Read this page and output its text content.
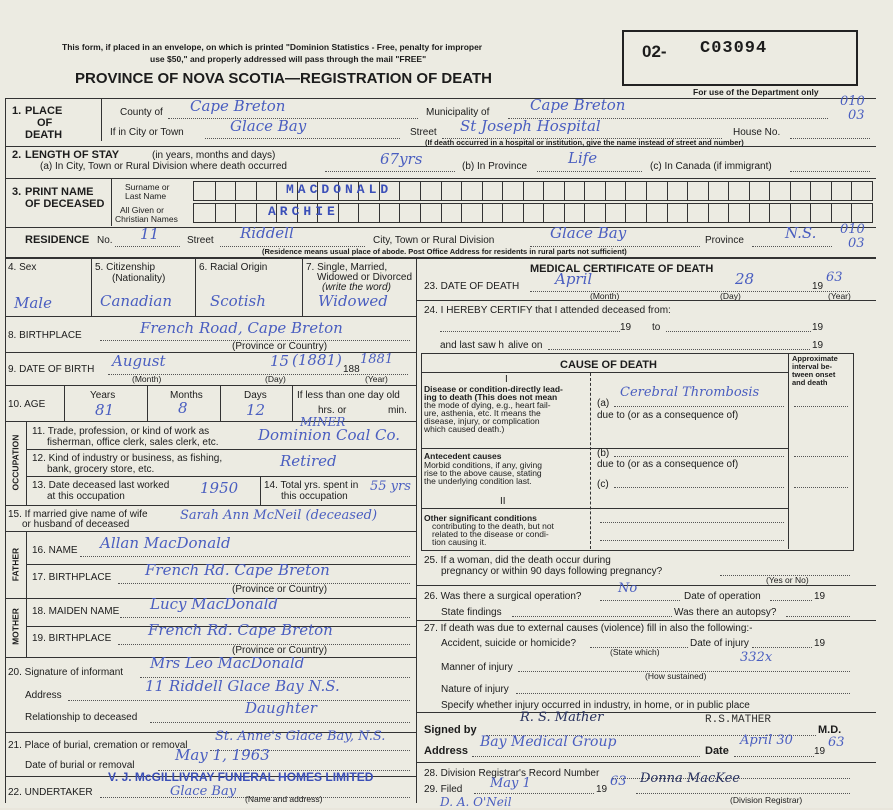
This form, if placed in an envelope, on which is printed "Dominion Statistics - Free, penalty for improper
use $50," and properly addressed will pass through the mail "FREE"
PROVINCE OF NOVA SCOTIA—REGISTRATION OF DEATH
02- C03094
For use of the Department only
1. PLACE
OF
DEATH
County of Cape Breton	Municipality of	Cape Breton	010
03
If in City or Town	Glace Bay	Street St Joseph Hospital	House No.
(If death occurred in a hospital or institution, give the name instead of street and number)
2. LENGTH OF STAY	(in years, months and days)
(a) In City, Town or Rural Division where death occurred	67yrs	(b) In Province	Life	(c) In Canada (if immigrant)
3. PRINT NAME
OF DECEASED
Surname or
Last Name
All Given or
Christian Names
MACDONALD
ARCHIE
RESIDENCE No. 11	Street Riddell	City, Town or Rural Division	Glace Bay	Province	N.S. 010
03
(Residence means usual place of abode. Post Office Address for residents in rural parts not sufficient)
4. Sex	5. Citizenship
(Nationality)
6. Racial Origin	7. Single, Married,
Widowed or Divorced
(write the word)
Male	Canadian	Scotish	Widowed
8. BIRTHPLACE	French Road, Cape Breton
(Province or Country)
9. DATE OF BIRTH August	15 (1881)
188
1881
(Month)	(Day)	(Year)
10. AGE
Years	Months	Days
81	8	12
If less than one day old
hrs. or	min.
OCCUPATION
11. Trade, profession, or kind of work as
fisherman, office clerk, sales clerk, etc.
MINER
Dominion Coal Co.
12. Kind of industry or business, as fishing,
bank, grocery store, etc.	Retired
13. Date deceased last worked
at this occupation	1950	14. Total yrs. spent in
this occupation
55 yrs
15. If married give name of wife
or husband of deceased
Sarah Ann McNeil (deceased)
FATHER 16. NAME Allan MacDonald
17. BIRTHPLACE French Rd. Cape Breton
(Province or Country)
MOTHER 18. MAIDEN NAME Lucy MacDonald
19. BIRTHPLACE French Rd. Cape Breton
(Province or Country)
20. Signature of informant
Mrs Leo MacDonald
Address
11 Riddell Glace Bay N.S.
Relationship to deceased
Daughter
21. Place of burial, cremation or removal
St. Anne's Glace Bay, N.S.
Date of burial or removal
May 1, 1963
22. UNDERTAKER
V. J. McGILLIVRAY FUNERAL HOMES LIMITED
Glace Bay (Name and address)
MEDICAL CERTIFICATE OF DEATH
23. DATE OF DEATH April	28	19
63
(Month)	(Day)	(Year)
24. I HEREBY CERTIFY that I attended deceased from:
19 to	19
and last saw h alive on	19
CAUSE OF DEATH
Approximate
interval be-
tween onset
and death
I
Disease or condition-directly lead-
ing to death (This does not mean
the mode of dying, e.g., heart fail-
ure, asthenia, etc. It means the
disease, injury, or complication
which caused death.)
(a)
Cerebral Thrombosis
due to (or as a consequence of)
(b)
Antecedent causes
Morbid conditions, if any, giving
rise to the above cause, stating
the underlying condition last.
due to (or as a consequence of)
(c)
II
Other significant conditions
contributing to the death, but not
related to the disease or condi-
tion causing it.
25. If a woman, did the death occur during
pregnancy or within 90 days following pregnancy?
(Yes or No)
26. Was there a surgical operation?
No
Date of operation	19
State findings	Was there an autopsy?
27. If death was due to external causes (violence) fill in also the following:-
Accident, suicide or homicide?
(State which)
Date of injury	19
332x
Manner of injury
(How sustained)
Nature of injury
Specify whether injury occurred in industry, in home, or in public place
Signed by
R. S. Mather	R.S.MATHER
M.D.
Address
Bay Medical Group
Date
April 30
19
63
28. Division Registrar's Record Number
29. Filed May 1	19
63 Donna MacKee
(Division Registrar)
D. A. O'Neil
